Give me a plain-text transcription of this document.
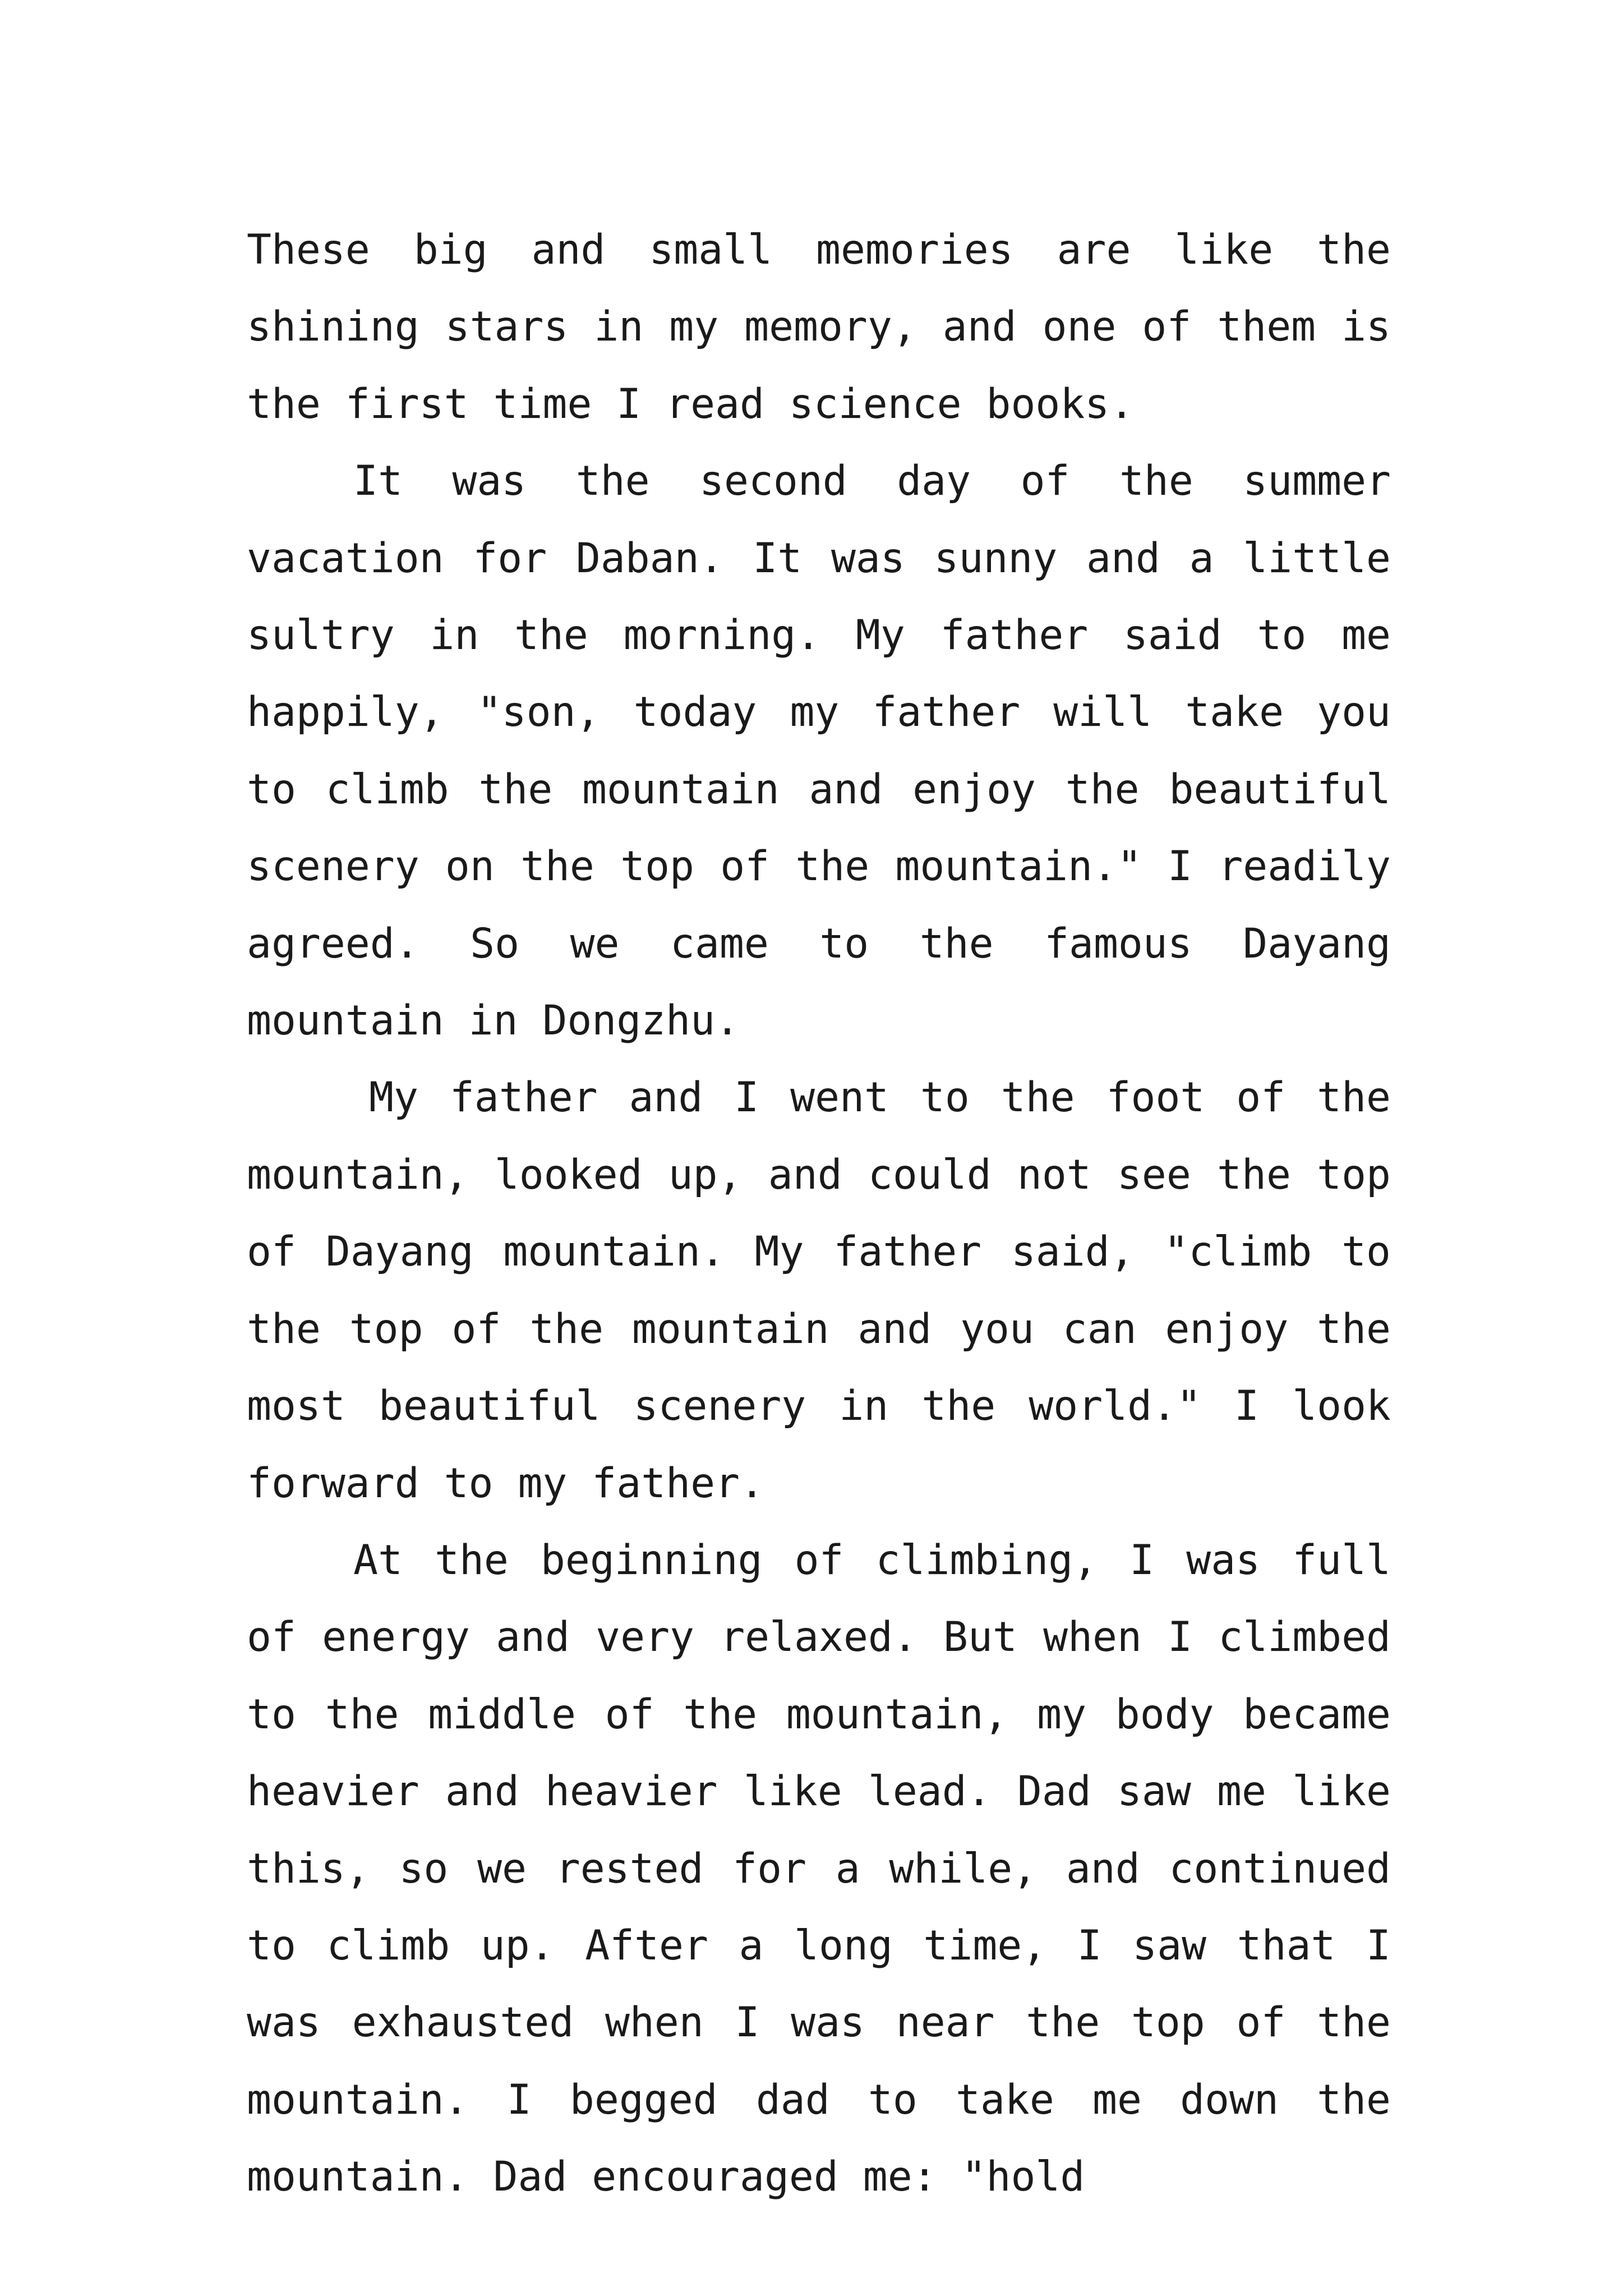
These big and small memories are like the shining stars in my memory, and one of them is the first time I read science books.

It was the second day of the summer vacation for Daban. It was sunny and a little sultry in the morning. My father said to me happily, "son, today my father will take you to climb the mountain and enjoy the beautiful scenery on the top of the mountain." I readily agreed. So we came to the famous Dayang mountain in Dongzhu.

My father and I went to the foot of the mountain, looked up, and could not see the top of Dayang mountain. My father said, "climb to the top of the mountain and you can enjoy the most beautiful scenery in the world." I look forward to my father.

At the beginning of climbing, I was full of energy and very relaxed. But when I climbed to the middle of the mountain, my body became heavier and heavier like lead. Dad saw me like this, so we rested for a while, and continued to climb up. After a long time, I saw that I was exhausted when I was near the top of the mountain. I begged dad to take me down the mountain. Dad encouraged me: "hold
